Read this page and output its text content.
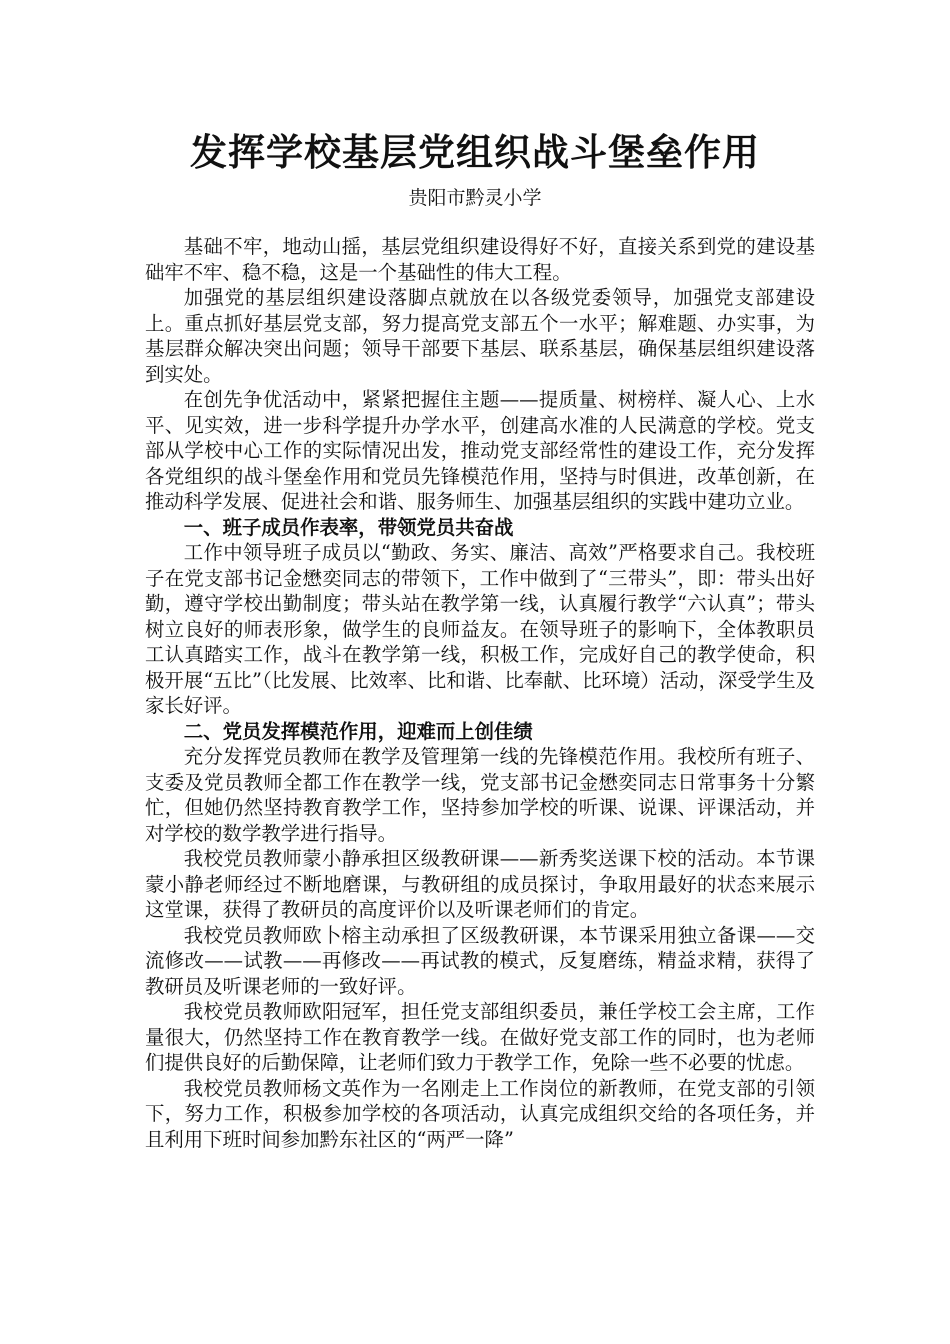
发挥学校基层党组织战斗堡垒作用
贵阳市黔灵小学

基础不牢，地动山摇，基层党组织建设得好不好，直接关系到党的建设基础牢不牢、稳不稳，这是一个基础性的伟大工程。

加强党的基层组织建设落脚点就放在以各级党委领导，加强党支部建设上。重点抓好基层党支部，努力提高党支部五个一水平；解难题、办实事，为基层群众解决突出问题；领导干部要下基层、联系基层，确保基层组织建设落到实处。

在创先争优活动中，紧紧把握住主题——提质量、树榜样、凝人心、上水平、见实效，进一步科学提升办学水平，创建高水准的人民满意的学校。党支部从学校中心工作的实际情况出发，推动党支部经常性的建设工作，充分发挥各党组织的战斗堡垒作用和党员先锋模范作用，坚持与时俱进，改革创新，在推动科学发展、促进社会和谐、服务师生、加强基层组织的实践中建功立业。

一、班子成员作表率，带领党员共奋战

工作中领导班子成员以“勤政、务实、廉洁、高效”严格要求自己。我校班子在党支部书记金懋奕同志的带领下，工作中做到了“三带头”，即：带头出好勤，遵守学校出勤制度；带头站在教学第一线，认真履行教学“六认真”；带头树立良好的师表形象，做学生的良师益友。在领导班子的影响下，全体教职员工认真踏实工作，战斗在教学第一线，积极工作，完成好自己的教学使命，积极开展“五比”（比发展、比效率、比和谐、比奉献、比环境）活动，深受学生及家长好评。

二、党员发挥模范作用，迎难而上创佳绩

充分发挥党员教师在教学及管理第一线的先锋模范作用。我校所有班子、支委及党员教师全都工作在教学一线，党支部书记金懋奕同志日常事务十分繁忙，但她仍然坚持教育教学工作，坚持参加学校的听课、说课、评课活动，并对学校的数学教学进行指导。

我校党员教师蒙小静承担区级教研课——新秀奖送课下校的活动。本节课蒙小静老师经过不断地磨课，与教研组的成员探讨，争取用最好的状态来展示这堂课，获得了教研员的高度评价以及听课老师们的肯定。

我校党员教师欧卜榕主动承担了区级教研课，本节课采用独立备课——交流修改——试教——再修改——再试教的模式，反复磨练，精益求精，获得了教研员及听课老师的一致好评。

我校党员教师欧阳冠军，担任党支部组织委员，兼任学校工会主席，工作量很大，仍然坚持工作在教育教学一线。在做好党支部工作的同时，也为老师们提供良好的后勤保障，让老师们致力于教学工作，免除一些不必要的忧虑。

我校党员教师杨文英作为一名刚走上工作岗位的新教师，在党支部的引领下，努力工作，积极参加学校的各项活动，认真完成组织交给的各项任务，并且利用下班时间参加黔东社区的“两严一降”
